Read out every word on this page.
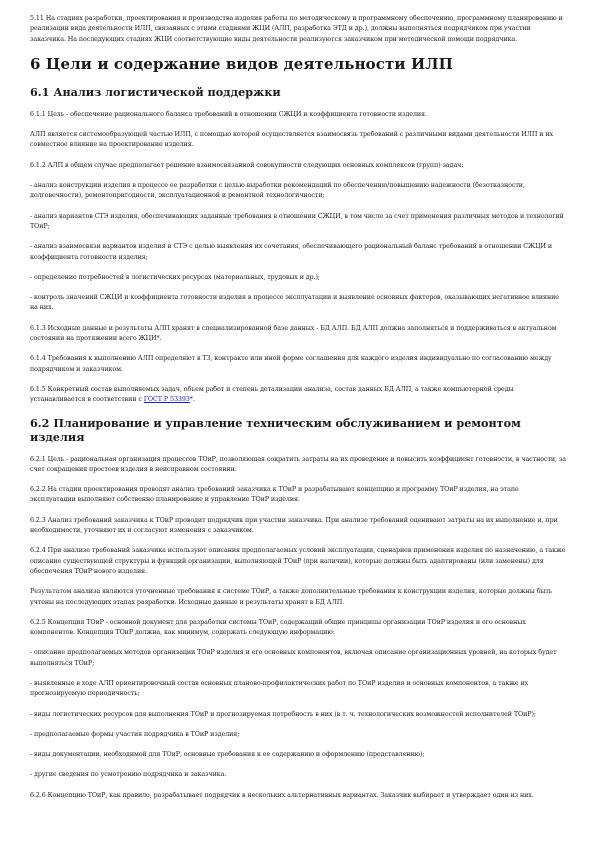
5.11 На стадиях разработки, проектирования и производства изделия работы по методическому и программному обеспечению, программному планированию и реализации вида деятельности ИЛП, связанных с этими стадиями ЖЦИ (АЛП, разработка ЭТД и др.), должны выполняться подрядчиком при участии заказчика. На последующих стадиях ЖЦИ соответствующие виды деятельности реализуются заказчиком при методической помощи подрядчика.

6 Цели и содержание видов деятельности ИЛП
6.1 Анализ логистической поддержки

6.1.1 Цель - обеспечение рационального баланса требований в отношении СЖЦИ и коэффициента готовности изделия.

АЛП является системообразующей частью ИЛП, с помощью которой осуществляется взаимосвязь требований с различными видами деятельности ИЛП и их совместное влияние на проектирование изделия.

6.1.2 АЛП в общем случае предполагает решение взаимосвязанной совокупности следующих основных комплексов (групп) задач:

- анализ конструкции изделия в процессе ее разработки с целью выработки рекомендаций по обеспечению/повышению надежности (безотказности, долговечности), ремонтопригодности, эксплуатационной и ремонтной технологичности;

- анализ вариантов СТЭ изделия, обеспечивающих заданные требования в отношении СЖЦИ, в том числе за счет применения различных методов и технологий ТОиР;

- анализ взаимосвязи вариантов изделия и СТЭ с целью выявления их сочетания, обеспечивающего рациональный баланс требований в отношении СЖЦИ и коэффициента готовности изделия;

- определение потребностей в логистических ресурсах (материальных, трудовых и др.);

- контроль значений СЖЦИ и коэффициента готовности изделия в процессе эксплуатации и выявление основных факторов, оказывающих негативное влияние на них.

6.1.3 Исходные данные и результаты АЛП хранят в специализированной базе данных - БД АЛП. БД АЛП должна заполняться и поддерживаться в актуальном состоянии на протяжении всего ЖЦИ*.

6.1.4 Требования к выполнению АЛП определяют в ТЗ, контракте или иной форме соглашения для каждого изделия индивидуально по согласованию между подрядчиком и заказчиком.

6.1.5 Конкретный состав выполняемых задач, объем работ и степень детализации анализа, состав данных БД АЛП, а также компьютерной среды устанавливается в соответствии с ГОСТ Р 53393*.

6.2 Планирование и управление техническим обслуживанием и ремонтом изделия

6.2.1 Цель - рациональная организация процессов ТОиР, позволяющая сократить затраты на их проведение и повысить коэффициент готовности, в частности, за счет сокращения простоев изделия в неисправном состоянии.

6.2.2 На стадии проектирования проводят анализ требований заказчика к ТОиР и разрабатывают концепцию и программу ТОиР изделия, на этапе эксплуатации выполняют собственно планирование и управление ТОиР изделия.

6.2.3 Анализ требований заказчика к ТОиР проводит подрядчик при участии заказчика. При анализе требований оценивают затраты на их выполнение и, при необходимости, уточняют их и согласуют изменения с заказчиком.

6.2.4 При анализе требований заказчика используют описания предполагаемых условий эксплуатации, сценариев применения изделия по назначению, а также описание существующей структуры и функций организации, выполняющей ТОиР (при наличии), которые должны быть адаптированы (или заменены) для обеспечения ТОиР нового изделия.

Результатом анализа являются уточненные требования к системе ТОиР, а также дополнительные требования к конструкции изделия, которые должны быть учтены на последующих этапах разработки. Исходные данные и результаты хранят в БД АЛП.

6.2.5 Концепция ТОиР - основной документ для разработки системы ТОиР, содержащий общие принципы организации ТОиР изделия и его основных компонентов. Концепция ТОиР должна, как минимум, содержать следующую информацию:

- описание предполагаемых методов организации ТОиР изделия и его основных компонентов, включая описание организационных уровней, на которых будет выполняться ТОиР;

- выявленные в ходе АЛП ориентировочный состав основных планово-профилактических работ по ТОиР изделия и основных компонентов, а также их прогнозируемую периодичность;

- виды логистических ресурсов для выполнения ТОиР и прогнозируемая потребность в них (в т. ч. технологических возможностей исполнителей ТОиР);

- предполагаемые формы участия подрядчика в ТОиР изделия;

- виды документации, необходимой для ТОиР, основные требования к ее содержанию и оформлению (представлению);

- другие сведения по усмотрению подрядчика и заказчика.

6.2.6 Концепцию ТОиР, как правило, разрабатывает подрядчик в нескольких альтернативных вариантах. Заказчик выбирает и утверждает один из них.
